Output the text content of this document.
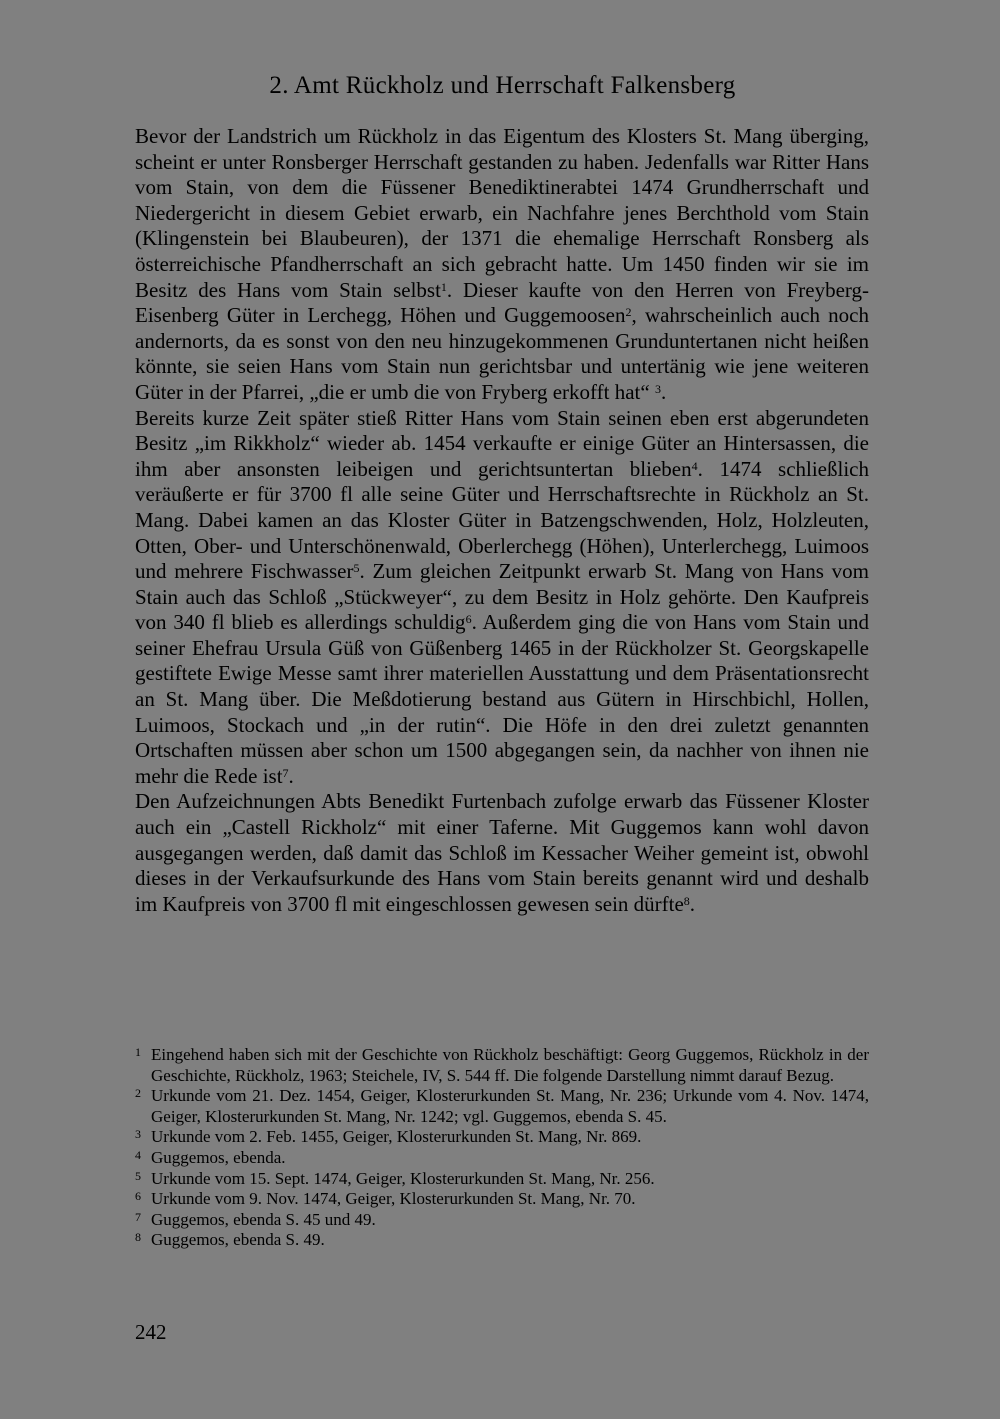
2. Amt Rückholz und Herrschaft Falkensberg

Bevor der Landstrich um Rückholz in das Eigentum des Klosters St. Mang überging, scheint er unter Ronsberger Herrschaft gestanden zu haben. Jedenfalls war Ritter Hans vom Stain, von dem die Füssener Benediktinerabtei 1474 Grundherrschaft und Niedergericht in diesem Gebiet erwarb, ein Nachfahre jenes Berchthold vom Stain (Klingenstein bei Blaubeuren), der 1371 die ehemalige Herrschaft Ronsberg als österreichische Pfandherrschaft an sich gebracht hatte. Um 1450 finden wir sie im Besitz des Hans vom Stain selbst$^1$. Dieser kaufte von den Herren von Freyberg-Eisenberg Güter in Lerchegg, Höhen und Guggemoosen$^2$, wahrscheinlich auch noch andernorts, da es sonst von den neu hinzugekommenen Grunduntertanen nicht heißen könnte, sie seien Hans vom Stain nun gerichtsbar und untertänig wie jene weiteren Güter in der Pfarrei, „die er umb die von Fryberg erkofft hat“ $^3$.

Bereits kurze Zeit später stieß Ritter Hans vom Stain seinen eben erst abgerundeten Besitz „im Rikkholz“ wieder ab. 1454 verkaufte er einige Güter an Hintersassen, die ihm aber ansonsten leibeigen und gerichtsuntertan blieben$^4$. 1474 schließlich veräußerte er für 3700 fl alle seine Güter und Herrschaftsrechte in Rückholz an St. Mang. Dabei kamen an das Kloster Güter in Batzengschwenden, Holz, Holzleuten, Otten, Ober- und Unterschönenwald, Oberlerchegg (Höhen), Unterlerchegg, Luimoos und mehrere Fischwasser$^5$. Zum gleichen Zeitpunkt erwarb St. Mang von Hans vom Stain auch das Schloß „Stückweyer“, zu dem Besitz in Holz gehörte. Den Kaufpreis von 340 fl blieb es allerdings schuldig$^6$. Außerdem ging die von Hans vom Stain und seiner Ehefrau Ursula Güß von Güßenberg 1465 in der Rückholzer St. Georgskapelle gestiftete Ewige Messe samt ihrer materiellen Ausstattung und dem Präsentationsrecht an St. Mang über. Die Meßdotierung bestand aus Gütern in Hirschbichl, Hollen, Luimoos, Stockach und „in der rutin“. Die Höfe in den drei zuletzt genannten Ortschaften müssen aber schon um 1500 abgegangen sein, da nachher von ihnen nie mehr die Rede ist$^7$.

Den Aufzeichnungen Abts Benedikt Furtenbach zufolge erwarb das Füssener Kloster auch ein „Castell Rickholz“ mit einer Taferne. Mit Guggemos kann wohl davon ausgegangen werden, daß damit das Schloß im Kessacher Weiher gemeint ist, obwohl dieses in der Verkaufsurkunde des Hans vom Stain bereits genannt wird und deshalb im Kaufpreis von 3700 fl mit eingeschlossen gewesen sein dürfte$^8$.

1 Eingehend haben sich mit der Geschichte von Rückholz beschäftigt: Georg Guggemos, Rückholz in der Geschichte, Rückholz, 1963; Steichele, IV, S. 544 ff. Die folgende Darstellung nimmt darauf Bezug.
2 Urkunde vom 21. Dez. 1454, Geiger, Klosterurkunden St. Mang, Nr. 236; Urkunde vom 4. Nov. 1474, Geiger, Klosterurkunden St. Mang, Nr. 1242; vgl. Guggemos, ebenda S. 45.
3 Urkunde vom 2. Feb. 1455, Geiger, Klosterurkunden St. Mang, Nr. 869.
4 Guggemos, ebenda.
5 Urkunde vom 15. Sept. 1474, Geiger, Klosterurkunden St. Mang, Nr. 256.
6 Urkunde vom 9. Nov. 1474, Geiger, Klosterurkunden St. Mang, Nr. 70.
7 Guggemos, ebenda S. 45 und 49.
8 Guggemos, ebenda S. 49.
242
